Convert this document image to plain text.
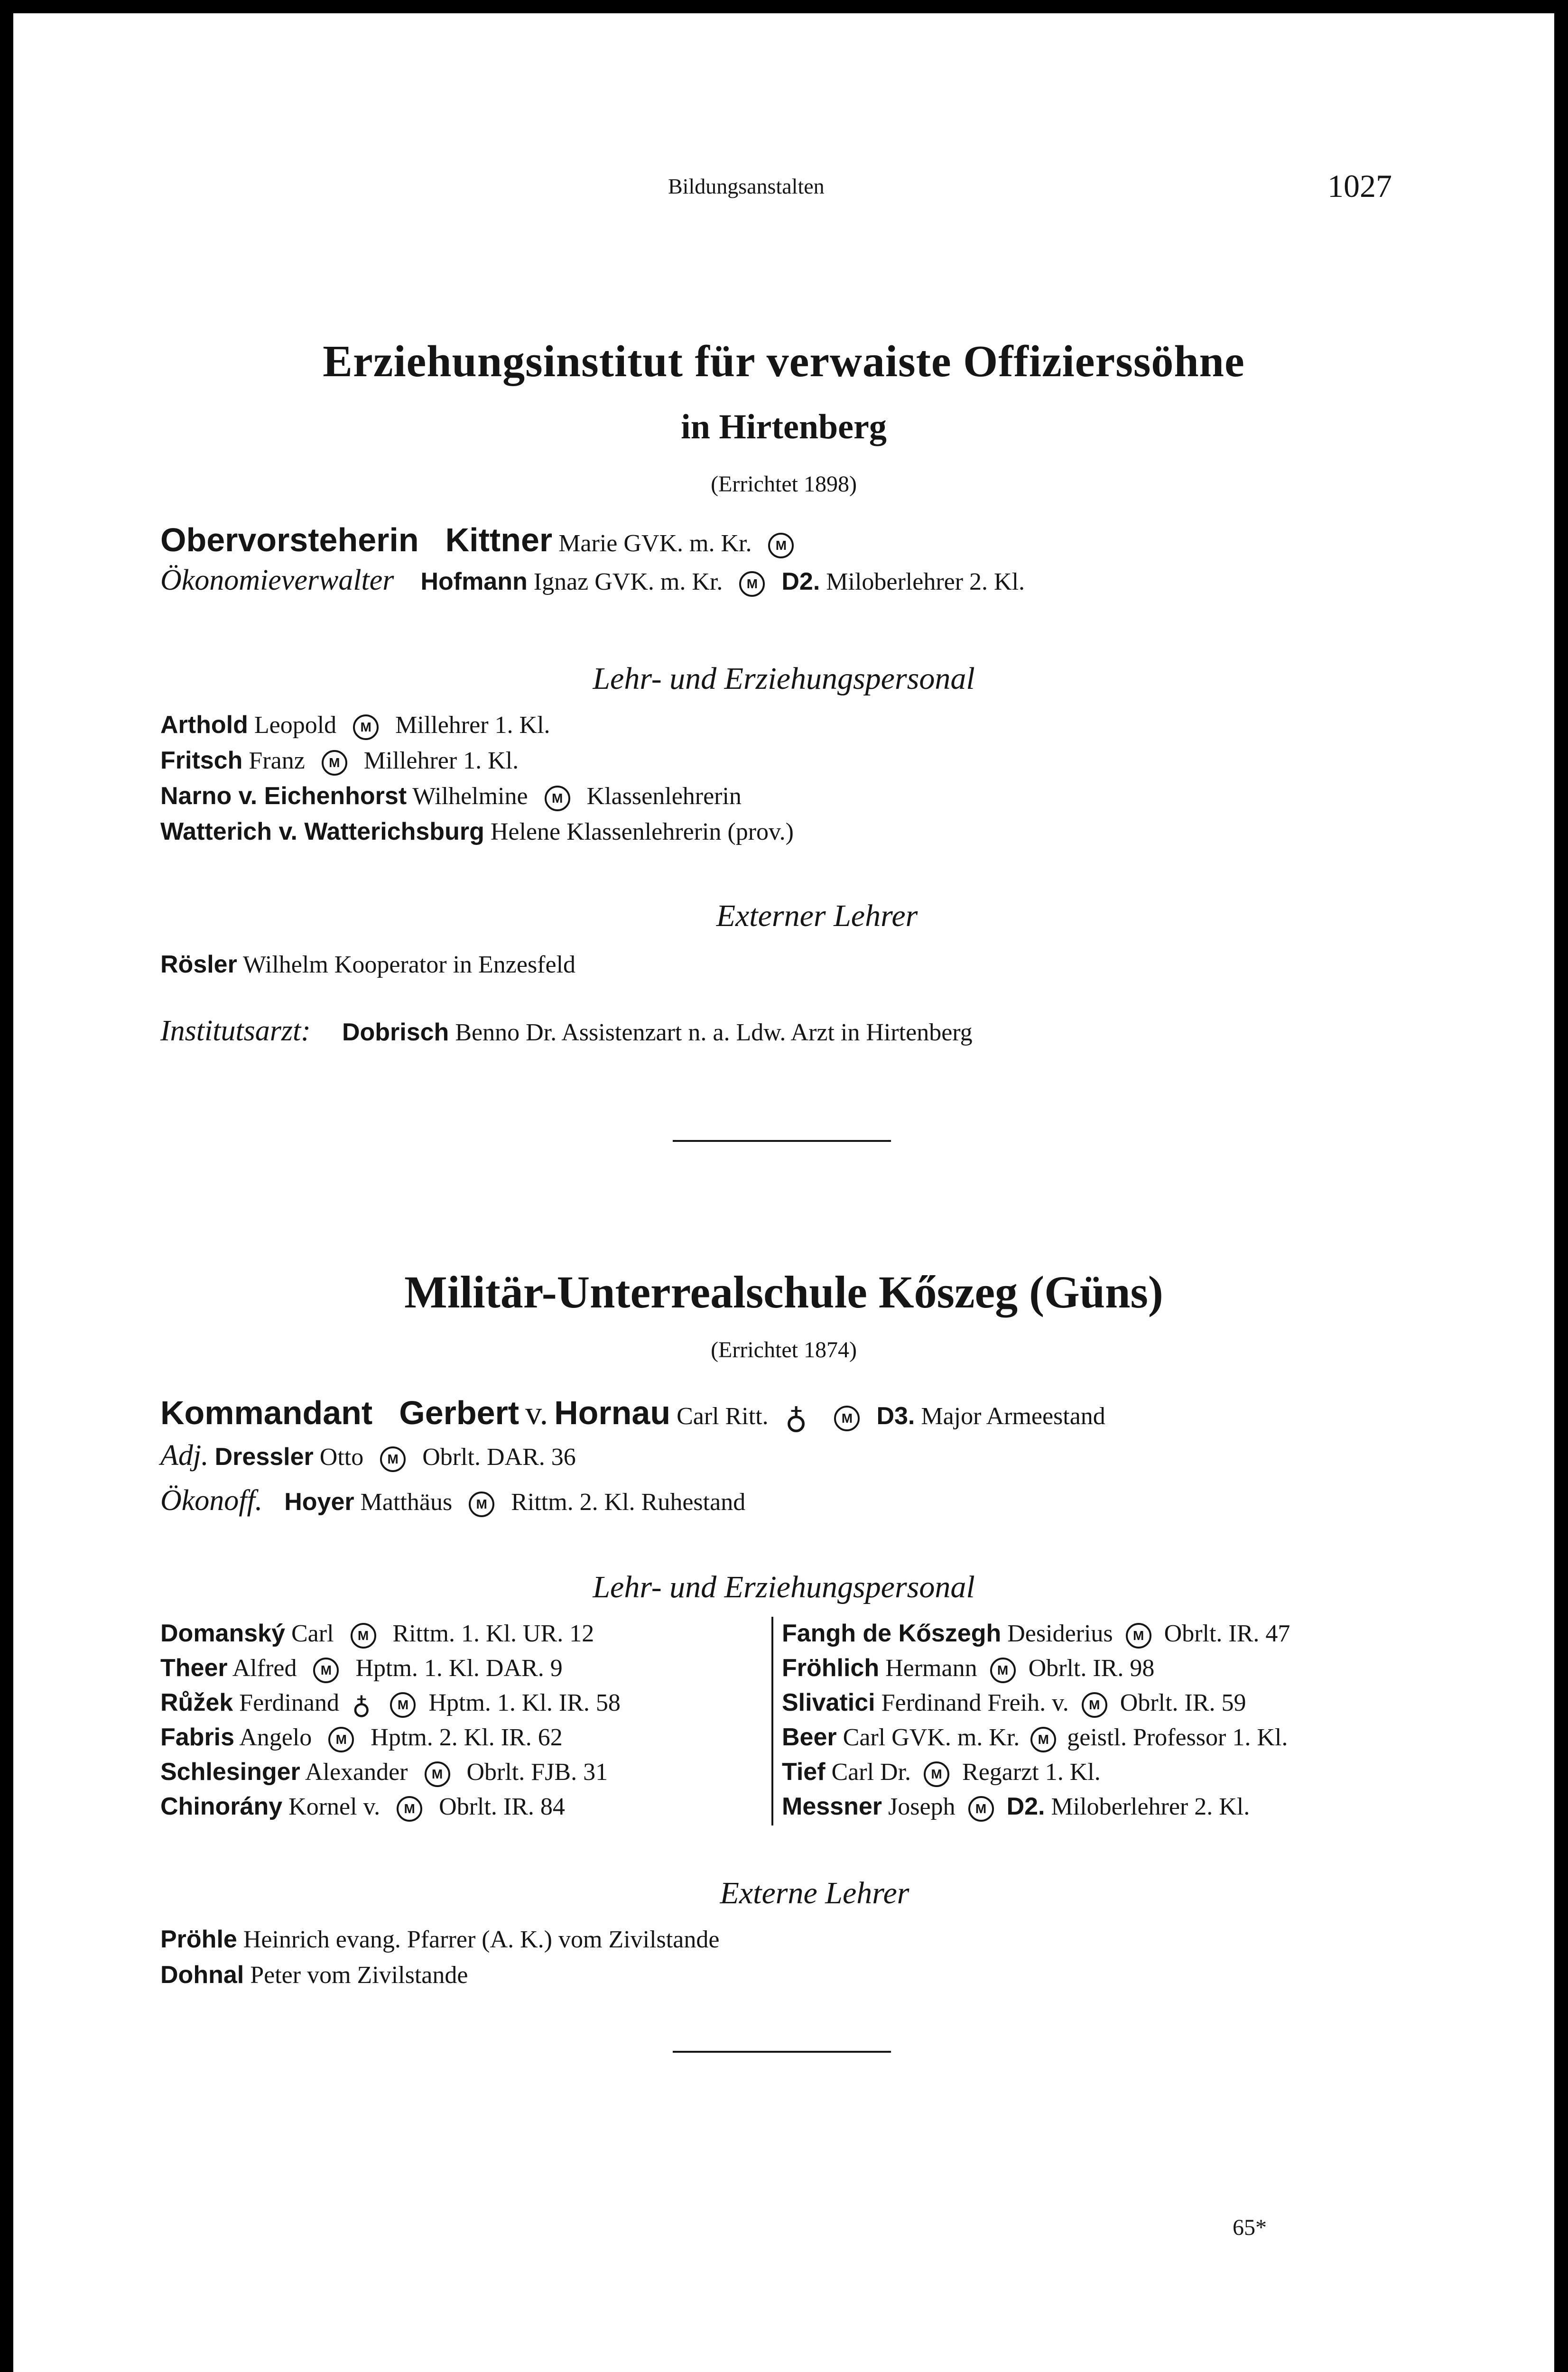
Bildungsanstalten	1027
Erziehungsinstitut für verwaiste Offizierssöhne
in Hirtenberg
(Errichtet 1898)
Obervorsteherin Kittner Marie GVK. m. Kr. M
Ökonomieverwalter Hofmann Ignaz GVK. m. Kr. M D2. Miloberlehrer 2. Kl.
Lehr- und Erziehungspersonal
Arthold Leopold M Millehrer 1. Kl.
Fritsch Franz M Millehrer 1. Kl.
Narno v. Eichenhorst Wilhelmine M Klassenlehrerin
Watterich v. Watterichsburg Helene Klassenlehrerin (prov.)
Externer Lehrer
Rösler Wilhelm Kooperator in Enzesfeld
Institutsarzt: Dobrisch Benno Dr. Assistenzart n. a. Ldw. Arzt in Hirtenberg
Militär-Unterrealschule Kőszeg (Güns)
(Errichtet 1874)
Kommandant Gerbert v. Hornau Carl Ritt. ♁	M D3. Major Armeestand
Adj. Dressler Otto M Obrlt. DAR. 36
Ökonoff. Hoyer Matthäus M Rittm. 2. Kl. Ruhestand
Lehr- und Erziehungspersonal
Domanský Carl M Rittm. 1. Kl. UR. 12
Theer Alfred M Hptm. 1. Kl. DAR. 9
Růžek Ferdinand ♁ M Hptm. 1. Kl. IR. 58
Fabris Angelo M Hptm. 2. Kl. IR. 62
Schlesinger Alexander M Obrlt. FJB. 31
Chinorány Kornel v. M Obrlt. IR. 84
Fangh de Kőszegh Desiderius M Obrlt. IR. 47
Fröhlich Hermann M Obrlt. IR. 98
Slivatici Ferdinand Freih. v. M Obrlt. IR. 59
Beer Carl GVK. m. Kr. M geistl. Professor 1. Kl.
Tief Carl Dr. M Regarzt 1. Kl.
Messner Joseph M D2. Miloberlehrer 2. Kl.
Externe Lehrer
Pröhle Heinrich evang. Pfarrer (A. K.) vom Zivilstande
Dohnal Peter vom Zivilstande
65*
